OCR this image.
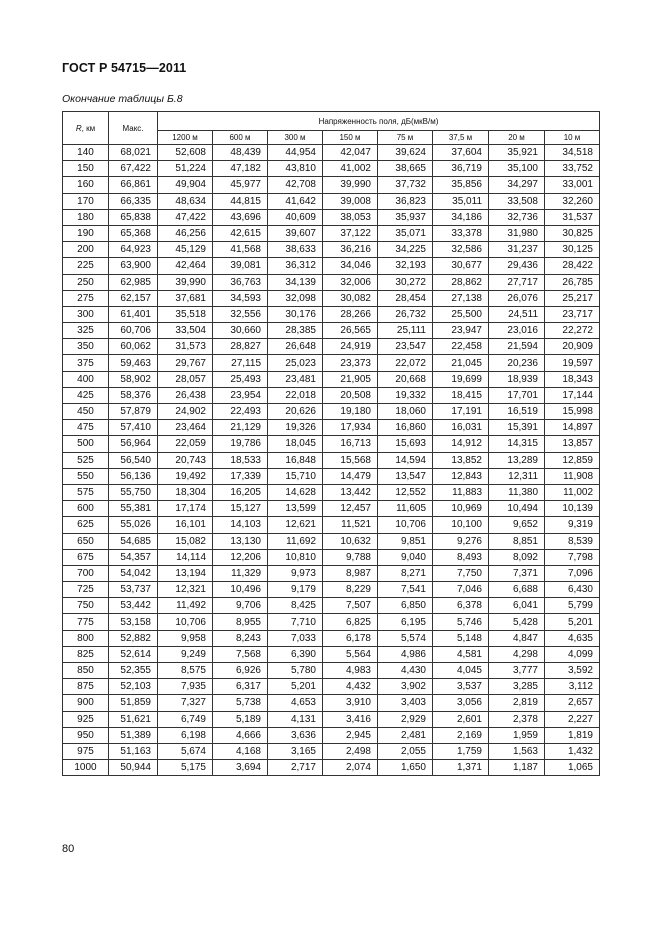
ГОСТ Р 54715—2011
Окончание таблицы Б.8
R, км	Макс.	Напряженность поля, дБ(мкВ/м)							
		1200 м	600 м	300 м	150 м	75 м	37,5 м	20 м	10 м
140	68,021	52,608	48,439	44,954	42,047	39,624	37,604	35,921	34,518
150	67,422	51,224	47,182	43,810	41,002	38,665	36,719	35,100	33,752
160	66,861	49,904	45,977	42,708	39,990	37,732	35,856	34,297	33,001
170	66,335	48,634	44,815	41,642	39,008	36,823	35,011	33,508	32,260
180	65,838	47,422	43,696	40,609	38,053	35,937	34,186	32,736	31,537
190	65,368	46,256	42,615	39,607	37,122	35,071	33,378	31,980	30,825
200	64,923	45,129	41,568	38,633	36,216	34,225	32,586	31,237	30,125
225	63,900	42,464	39,081	36,312	34,046	32,193	30,677	29,436	28,422
250	62,985	39,990	36,763	34,139	32,006	30,272	28,862	27,717	26,785
275	62,157	37,681	34,593	32,098	30,082	28,454	27,138	26,076	25,217
300	61,401	35,518	32,556	30,176	28,266	26,732	25,500	24,511	23,717
325	60,706	33,504	30,660	28,385	26,565	25,111	23,947	23,016	22,272
350	60,062	31,573	28,827	26,648	24,919	23,547	22,458	21,594	20,909
375	59,463	29,767	27,115	25,023	23,373	22,072	21,045	20,236	19,597
400	58,902	28,057	25,493	23,481	21,905	20,668	19,699	18,939	18,343
425	58,376	26,438	23,954	22,018	20,508	19,332	18,415	17,701	17,144
450	57,879	24,902	22,493	20,626	19,180	18,060	17,191	16,519	15,998
475	57,410	23,464	21,129	19,326	17,934	16,860	16,031	15,391	14,897
500	56,964	22,059	19,786	18,045	16,713	15,693	14,912	14,315	13,857
525	56,540	20,743	18,533	16,848	15,568	14,594	13,852	13,289	12,859
550	56,136	19,492	17,339	15,710	14,479	13,547	12,843	12,311	11,908
575	55,750	18,304	16,205	14,628	13,442	12,552	11,883	11,380	11,002
600	55,381	17,174	15,127	13,599	12,457	11,605	10,969	10,494	10,139
625	55,026	16,101	14,103	12,621	11,521	10,706	10,100	9,652	9,319
650	54,685	15,082	13,130	11,692	10,632	9,851	9,276	8,851	8,539
675	54,357	14,114	12,206	10,810	9,788	9,040	8,493	8,092	7,798
700	54,042	13,194	11,329	9,973	8,987	8,271	7,750	7,371	7,096
725	53,737	12,321	10,496	9,179	8,229	7,541	7,046	6,688	6,430
750	53,442	11,492	9,706	8,425	7,507	6,850	6,378	6,041	5,799
775	53,158	10,706	8,955	7,710	6,825	6,195	5,746	5,428	5,201
800	52,882	9,958	8,243	7,033	6,178	5,574	5,148	4,847	4,635
825	52,614	9,249	7,568	6,390	5,564	4,986	4,581	4,298	4,099
850	52,355	8,575	6,926	5,780	4,983	4,430	4,045	3,777	3,592
875	52,103	7,935	6,317	5,201	4,432	3,902	3,537	3,285	3,112
900	51,859	7,327	5,738	4,653	3,910	3,403	3,056	2,819	2,657
925	51,621	6,749	5,189	4,131	3,416	2,929	2,601	2,378	2,227
950	51,389	6,198	4,666	3,636	2,945	2,481	2,169	1,959	1,819
975	51,163	5,674	4,168	3,165	2,498	2,055	1,759	1,563	1,432
1000	50,944	5,175	3,694	2,717	2,074	1,650	1,371	1,187	1,065
80
